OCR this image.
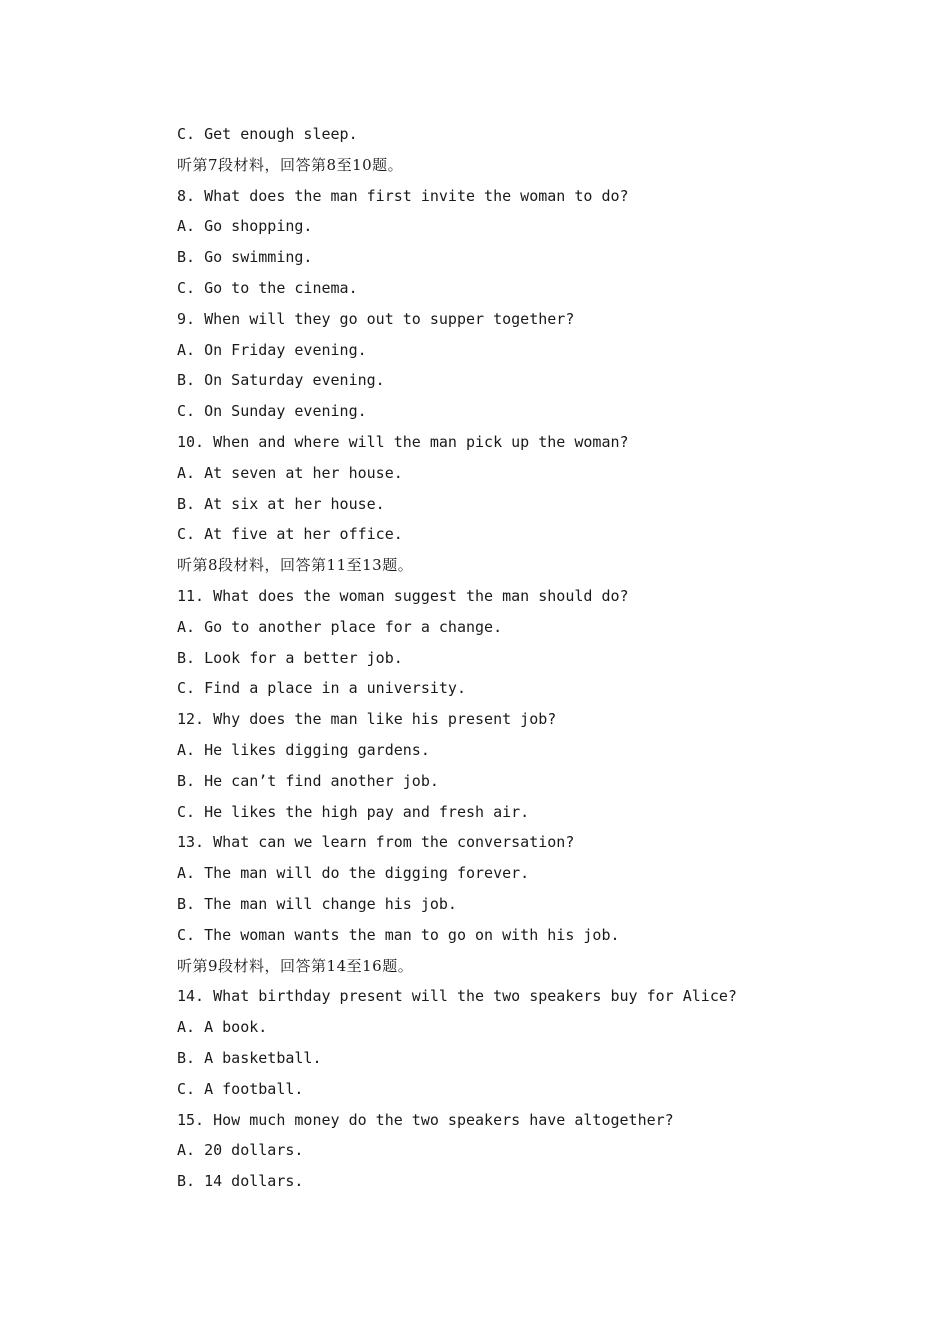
C. Get enough sleep.
听第7段材料，回答第8至10题。
8. What does the man first invite the woman to do?
A. Go shopping.
B. Go swimming.
C. Go to the cinema.
9. When will they go out to supper together?
A. On Friday evening.
B. On Saturday evening.
C. On Sunday evening.
10. When and where will the man pick up the woman?
A. At seven at her house.
B. At six at her house.
C. At five at her office.
听第8段材料，回答第11至13题。
11. What does the woman suggest the man should do?
A. Go to another place for a change.
B. Look for a better job.
C. Find a place in a university.
12. Why does the man like his present job?
A. He likes digging gardens.
B. He can’t find another job.
C. He likes the high pay and fresh air.
13. What can we learn from the conversation?
A. The man will do the digging forever.
B. The man will change his job.
C. The woman wants the man to go on with his job.
听第9段材料，回答第14至16题。
14. What birthday present will the two speakers buy for Alice?
A. A book.
B. A basketball.
C. A football.
15. How much money do the two speakers have altogether?
A. 20 dollars.
B. 14 dollars.
